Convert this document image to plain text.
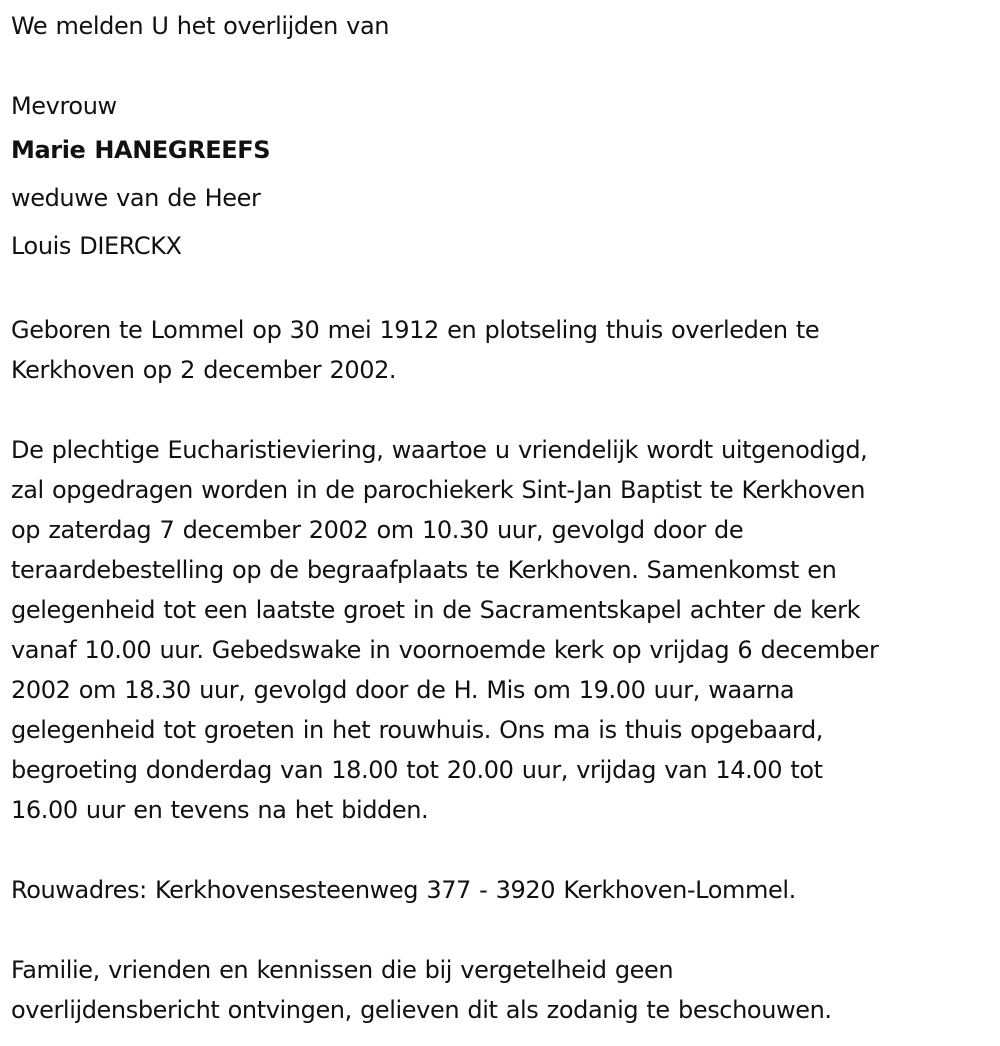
We melden U het overlijden van
Mevrouw
Marie HANEGREEFS
weduwe van de Heer
Louis DIERCKX
Geboren te Lommel op 30 mei 1912 en plotseling thuis overleden te
Kerkhoven op 2 december 2002.
De plechtige Eucharistieviering, waartoe u vriendelijk wordt uitgenodigd,
zal opgedragen worden in de parochiekerk Sint-Jan Baptist te Kerkhoven
op zaterdag 7 december 2002 om 10.30 uur, gevolgd door de
teraardebestelling op de begraafplaats te Kerkhoven. Samenkomst en
gelegenheid tot een laatste groet in de Sacramentskapel achter de kerk
vanaf 10.00 uur. Gebedswake in voornoemde kerk op vrijdag 6 december
2002 om 18.30 uur, gevolgd door de H. Mis om 19.00 uur, waarna
gelegenheid tot groeten in het rouwhuis. Ons ma is thuis opgebaard,
begroeting donderdag van 18.00 tot 20.00 uur, vrijdag van 14.00 tot
16.00 uur en tevens na het bidden.
Rouwadres: Kerkhovensesteenweg 377 - 3920 Kerkhoven-Lommel.
Familie, vrienden en kennissen die bij vergetelheid geen
overlijdensbericht ontvingen, gelieven dit als zodanig te beschouwen.
